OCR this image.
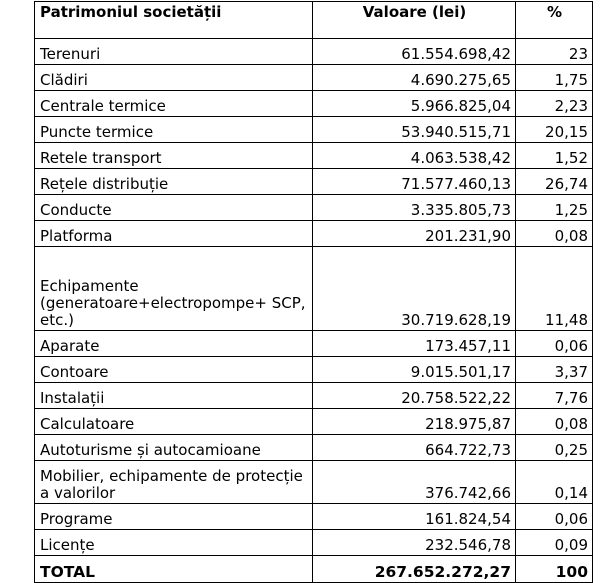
Patrimoniul societății	Valoare (lei)	%
Terenuri	61.554.698,42	23
Clădiri	4.690.275,65	1,75
Centrale termice	5.966.825,04	2,23
Puncte termice	53.940.515,71	20,15
Retele transport	4.063.538,42	1,52
Rețele distribuție	71.577.460,13	26,74
Conducte	3.335.805,73	1,25
Platforma	201.231,90	0,08
Echipamente (generatoare+electropompe+ SCP, etc.)	30.719.628,19	11,48
Aparate	173.457,11	0,06
Contoare	9.015.501,17	3,37
Instalații	20.758.522,22	7,76
Calculatoare	218.975,87	0,08
Autoturisme și autocamioane	664.722,73	0,25
Mobilier, echipamente de protecție a valorilor	376.742,66	0,14
Programe	161.824,54	0,06
Licențe	232.546,78	0,09
TOTAL	267.652.272,27	100
